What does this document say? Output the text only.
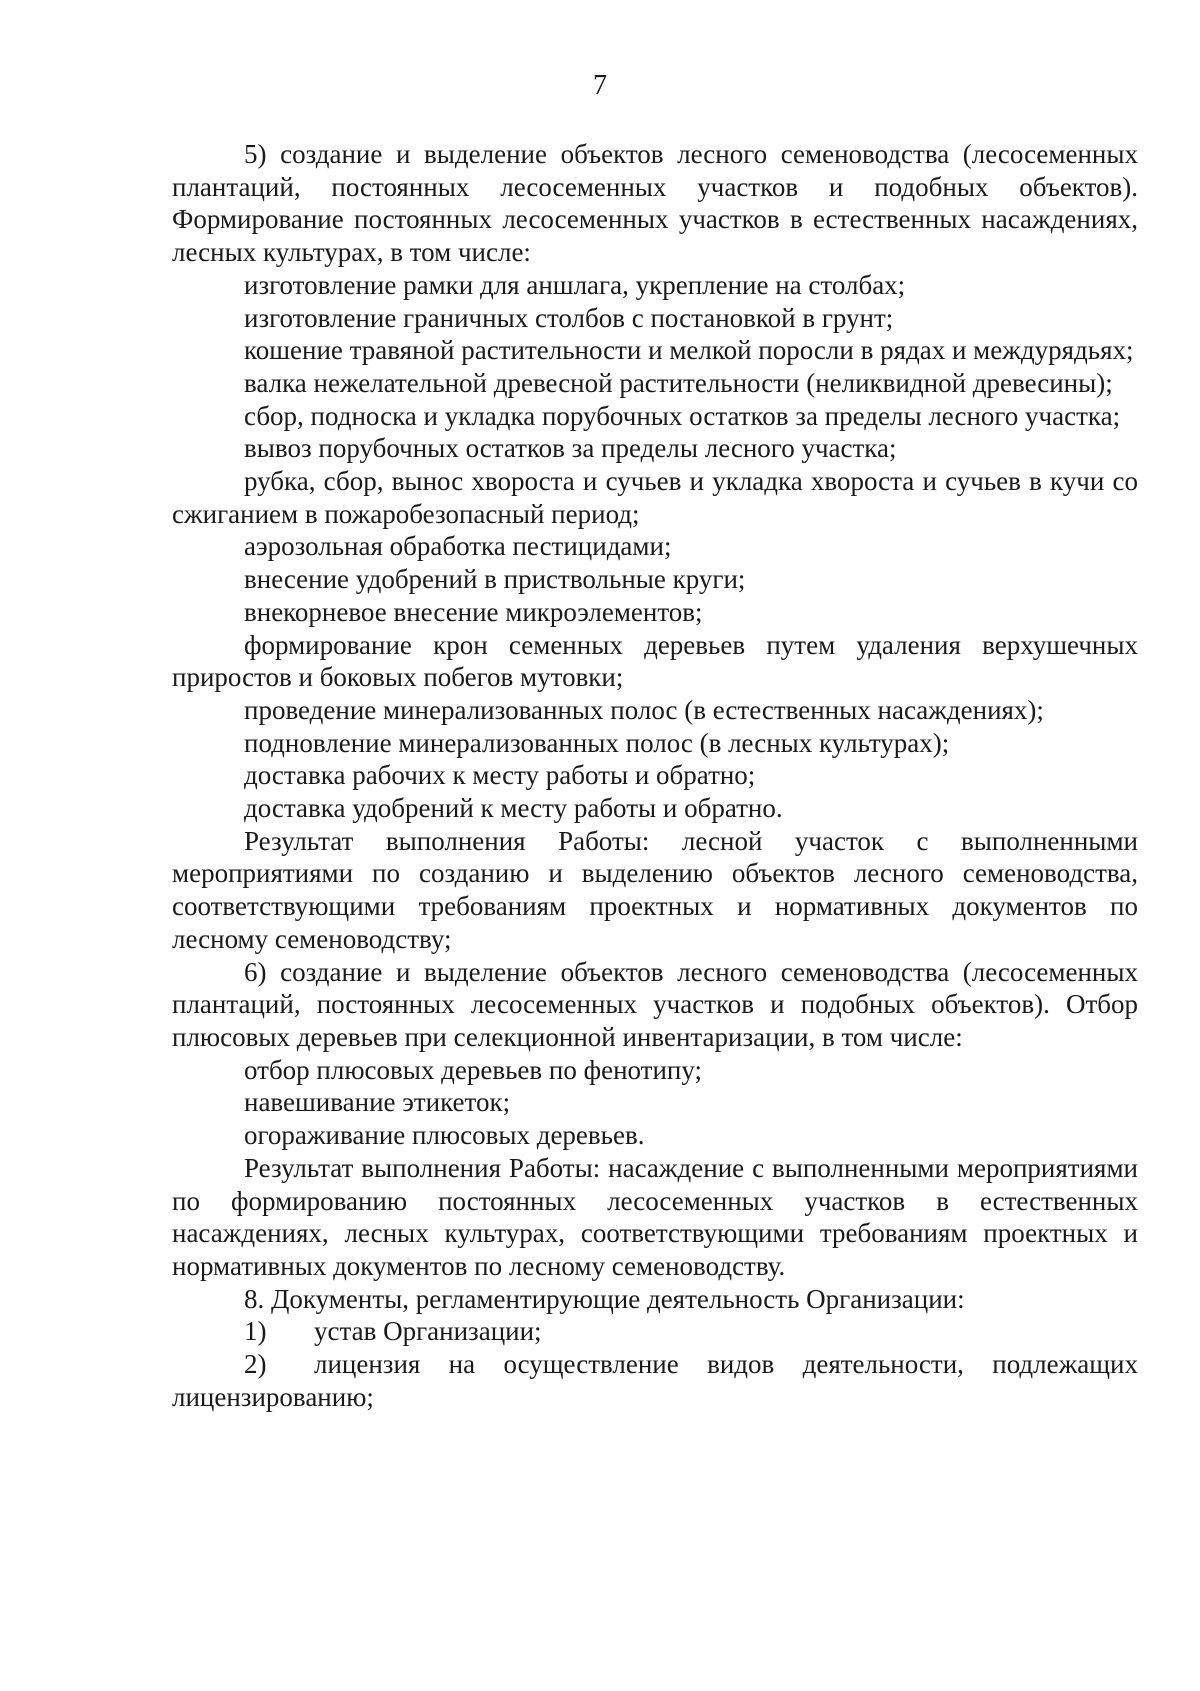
7

5) создание и выделение объектов лесного семеноводства (лесосеменных плантаций, постоянных лесосеменных участков и подобных объектов). Формирование постоянных лесосеменных участков в естественных насаждениях, лесных культурах, в том числе:

изготовление рамки для аншлага, укрепление на столбах;

изготовление граничных столбов с постановкой в грунт;

кошение травяной растительности и мелкой поросли в рядах и междурядьях;

валка нежелательной древесной растительности (неликвидной древесины);

сбор, подноска и укладка порубочных остатков за пределы лесного участка;

вывоз порубочных остатков за пределы лесного участка;

рубка, сбор, вынос хвороста и сучьев и укладка хвороста и сучьев в кучи со сжиганием в пожаробезопасный период;

аэрозольная обработка пестицидами;

внесение удобрений в приствольные круги;

внекорневое внесение микроэлементов;

формирование крон семенных деревьев путем удаления верхушечных приростов и боковых побегов мутовки;

проведение минерализованных полос (в естественных насаждениях);

подновление минерализованных полос (в лесных культурах);

доставка рабочих к месту работы и обратно;

доставка удобрений к месту работы и обратно.

Результат выполнения Работы: лесной участок с выполненными мероприятиями по созданию и выделению объектов лесного семеноводства, соответствующими требованиям проектных и нормативных документов по лесному семеноводству;

6) создание и выделение объектов лесного семеноводства (лесосеменных плантаций, постоянных лесосеменных участков и подобных объектов). Отбор плюсовых деревьев при селекционной инвентаризации, в том числе:

отбор плюсовых деревьев по фенотипу;

навешивание этикеток;

огораживание плюсовых деревьев.

Результат выполнения Работы: насаждение с выполненными мероприятиями по формированию постоянных лесосеменных участков в естественных насаждениях, лесных культурах, соответствующими требованиям проектных и нормативных документов по лесному семеноводству.

8. Документы, регламентирующие деятельность Организации:

1) устав Организации;

2) лицензия на осуществление видов деятельности, подлежащих лицензированию;
